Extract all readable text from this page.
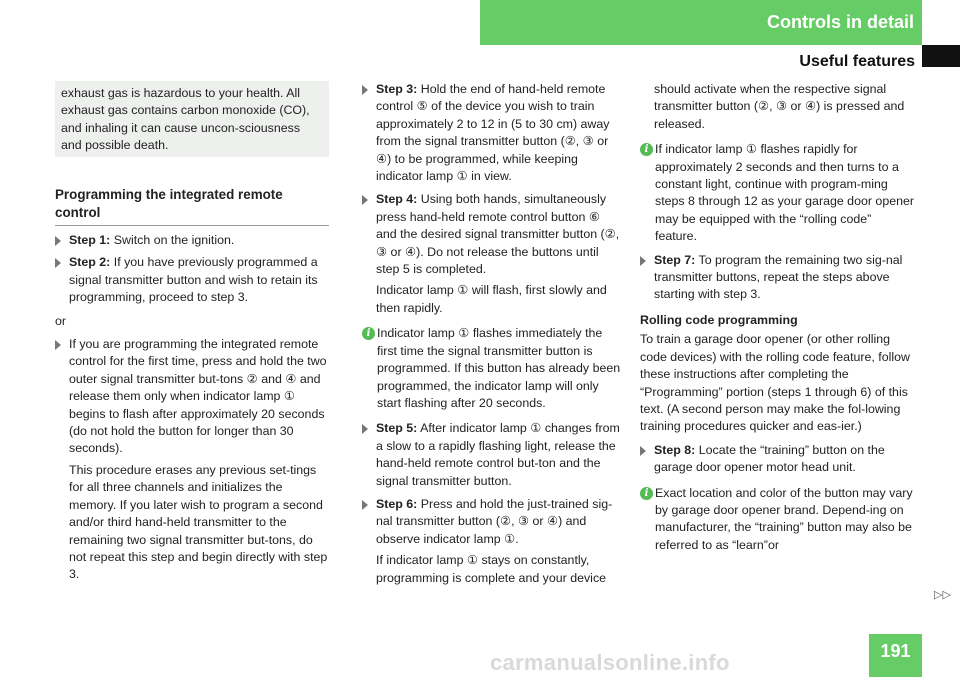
Controls in detail
Useful features
exhaust gas is hazardous to your health. All exhaust gas contains carbon monoxide (CO), and inhaling it can cause uncon-sciousness and possible death.
Programming the integrated remote control
Step 1: Switch on the ignition.
Step 2: If you have previously programmed a signal transmitter button and wish to retain its programming, proceed to step 3.
or
If you are programming the integrated remote control for the first time, press and hold the two outer signal transmitter but-tons ② and ④ and release them only when indicator lamp ① begins to flash after approximately 20 seconds (do not hold the button for longer than 30 seconds).
This procedure erases any previous set-tings for all three channels and initializes the memory. If you later wish to program a second and/or third hand-held transmitter to the remaining two signal transmitter but-tons, do not repeat this step and begin directly with step 3.
Step 3: Hold the end of hand-held remote control ⑤ of the device you wish to train approximately 2 to 12 in (5 to 30 cm) away from the signal transmitter button (②, ③ or ④) to be programmed, while keeping indicator lamp ① in view.
Step 4: Using both hands, simultaneously press hand-held remote control button ⑥ and the desired signal transmitter button (②, ③ or ④). Do not release the buttons until step 5 is completed.
Indicator lamp ① will flash, first slowly and then rapidly.
i Indicator lamp ① flashes immediately the first time the signal transmitter button is programmed. If this button has already been programmed, the indicator lamp will only start flashing after 20 seconds.
Step 5: After indicator lamp ① changes from a slow to a rapidly flashing light, release the hand-held remote control but-ton and the signal transmitter button.
Step 6: Press and hold the just-trained sig-nal transmitter button (②, ③ or ④) and observe indicator lamp ①.
If indicator lamp ① stays on constantly, programming is complete and your device
should activate when the respective signal transmitter button (②, ③ or ④) is pressed and released.
i If indicator lamp ① flashes rapidly for approximately 2 seconds and then turns to a constant light, continue with program-ming steps 8 through 12 as your garage door opener may be equipped with the “rolling code” feature.
Step 7: To program the remaining two sig-nal transmitter buttons, repeat the steps above starting with step 3.
Rolling code programming
To train a garage door opener (or other rolling code devices) with the rolling code feature, follow these instructions after completing the “Programming” portion (steps 1 through 6) of this text. (A second person may make the fol-lowing training procedures quicker and eas-ier.)
Step 8: Locate the “training” button on the garage door opener motor head unit.
i Exact location and color of the button may vary by garage door opener brand. Depend-ing on manufacturer, the “training” button may also be referred to as “learn”or
▷▷
carmanualsonline.info	191
